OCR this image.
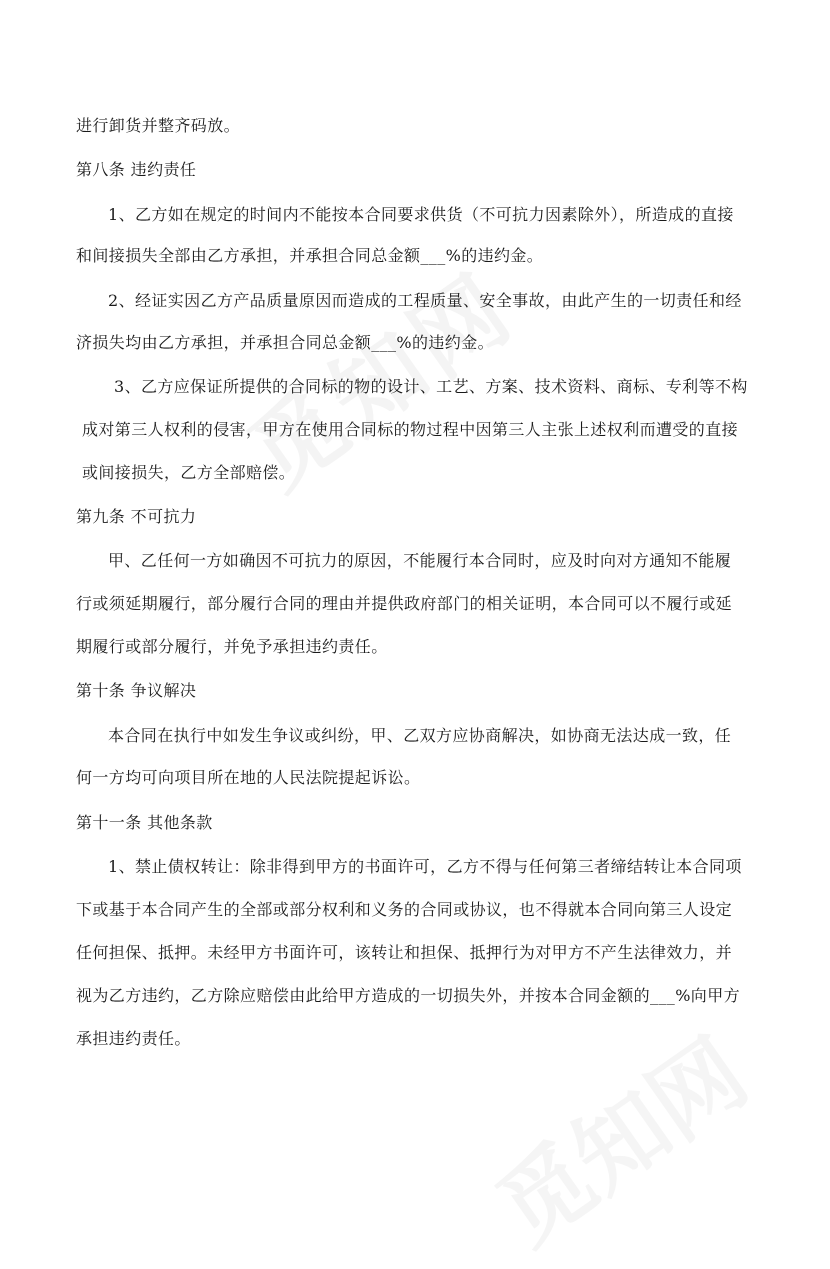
进行卸货并整齐码放。
第八条 违约责任
1、乙方如在规定的时间内不能按本合同要求供货（不可抗力因素除外），所造成的直接
和间接损失全部由乙方承担，并承担合同总金额___%的违约金。
2、经证实因乙方产品质量原因而造成的工程质量、安全事故，由此产生的一切责任和经
济损失均由乙方承担，并承担合同总金额___%的违约金。
3、乙方应保证所提供的合同标的物的设计、工艺、方案、技术资料、商标、专利等不构
成对第三人权利的侵害，甲方在使用合同标的物过程中因第三人主张上述权利而遭受的直接
或间接损失，乙方全部赔偿。
第九条 不可抗力
甲、乙任何一方如确因不可抗力的原因，不能履行本合同时，应及时向对方通知不能履
行或须延期履行，部分履行合同的理由并提供政府部门的相关证明，本合同可以不履行或延
期履行或部分履行，并免予承担违约责任。
第十条 争议解决
本合同在执行中如发生争议或纠纷，甲、乙双方应协商解决，如协商无法达成一致，任
何一方均可向项目所在地的人民法院提起诉讼。
第十一条 其他条款
1、禁止债权转让：除非得到甲方的书面许可，乙方不得与任何第三者缔结转让本合同项
下或基于本合同产生的全部或部分权利和义务的合同或协议，也不得就本合同向第三人设定
任何担保、抵押。未经甲方书面许可，该转让和担保、抵押行为对甲方不产生法律效力，并
视为乙方违约，乙方除应赔偿由此给甲方造成的一切损失外，并按本合同金额的___%向甲方
承担违约责任。
